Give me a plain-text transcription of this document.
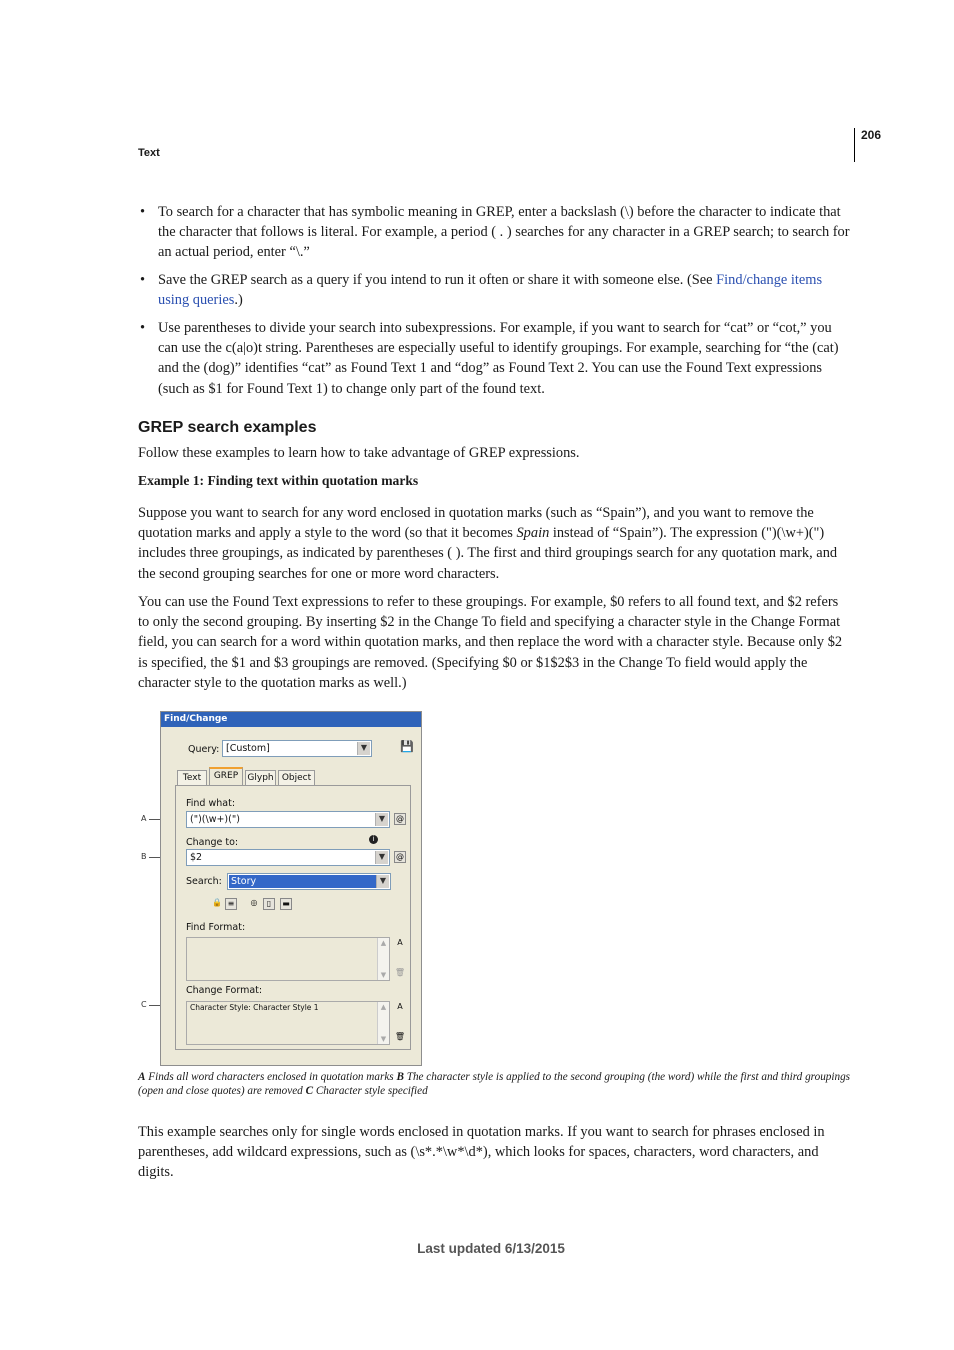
206
Text
• To search for a character that has symbolic meaning in GREP, enter a backslash (\) before the character to indicate that the character that follows is literal. For example, a period ( . ) searches for any character in a GREP search; to search for an actual period, enter “\.”
• Save the GREP search as a query if you intend to run it often or share it with someone else. (See Find/change items using queries.)
• Use parentheses to divide your search into subexpressions. For example, if you want to search for “cat” or “cot,” you can use the c(a|o)t string. Parentheses are especially useful to identify groupings. For example, searching for “the (cat) and the (dog)” identifies “cat” as Found Text 1 and “dog” as Found Text 2. You can use the Found Text expressions (such as $1 for Found Text 1) to change only part of the found text.
GREP search examples
Follow these examples to learn how to take advantage of GREP expressions.
Example 1: Finding text within quotation marks
Suppose you want to search for any word enclosed in quotation marks (such as “Spain”), and you want to remove the quotation marks and apply a style to the word (so that it becomes Spain instead of “Spain”). The expression (")(\w+)(") includes three groupings, as indicated by parentheses ( ). The first and third groupings search for any quotation mark, and the second grouping searches for one or more word characters.
You can use the Found Text expressions to refer to these groupings. For example, $0 refers to all found text, and $2 refers to only the second grouping. By inserting $2 in the Change To field and specifying a character style in the Change Format field, you can search for a word within quotation marks, and then replace the word with a character style. Because only $2 is specified, the $1 and $3 groupings are removed. (Specifying $0 or $1$2$3 in the Change To field would apply the character style to the quotation marks as well.)
A
B
C
Find/Change
Query: [Custom]	▼	💾
Text	GREP	Glyph Object
Find what:
(")(\w+)(")	▼	@
Change to:	i
$2	▼	@
Search: Story	▼
🔒 ≡	◎	▯	▬
Find Format:
▲
▼
A
🗑
Change Format:
Character Style: Character Style 1	▲
▼
A
🗑
A Finds all word characters enclosed in quotation marks B The character style is applied to the second grouping (the word) while the first and third groupings (open and close quotes) are removed C Character style specified
This example searches only for single words enclosed in quotation marks. If you want to search for phrases enclosed in parentheses, add wildcard expressions, such as (\s*.*\w*\d*), which looks for spaces, characters, word characters, and digits.
Last updated 6/13/2015
